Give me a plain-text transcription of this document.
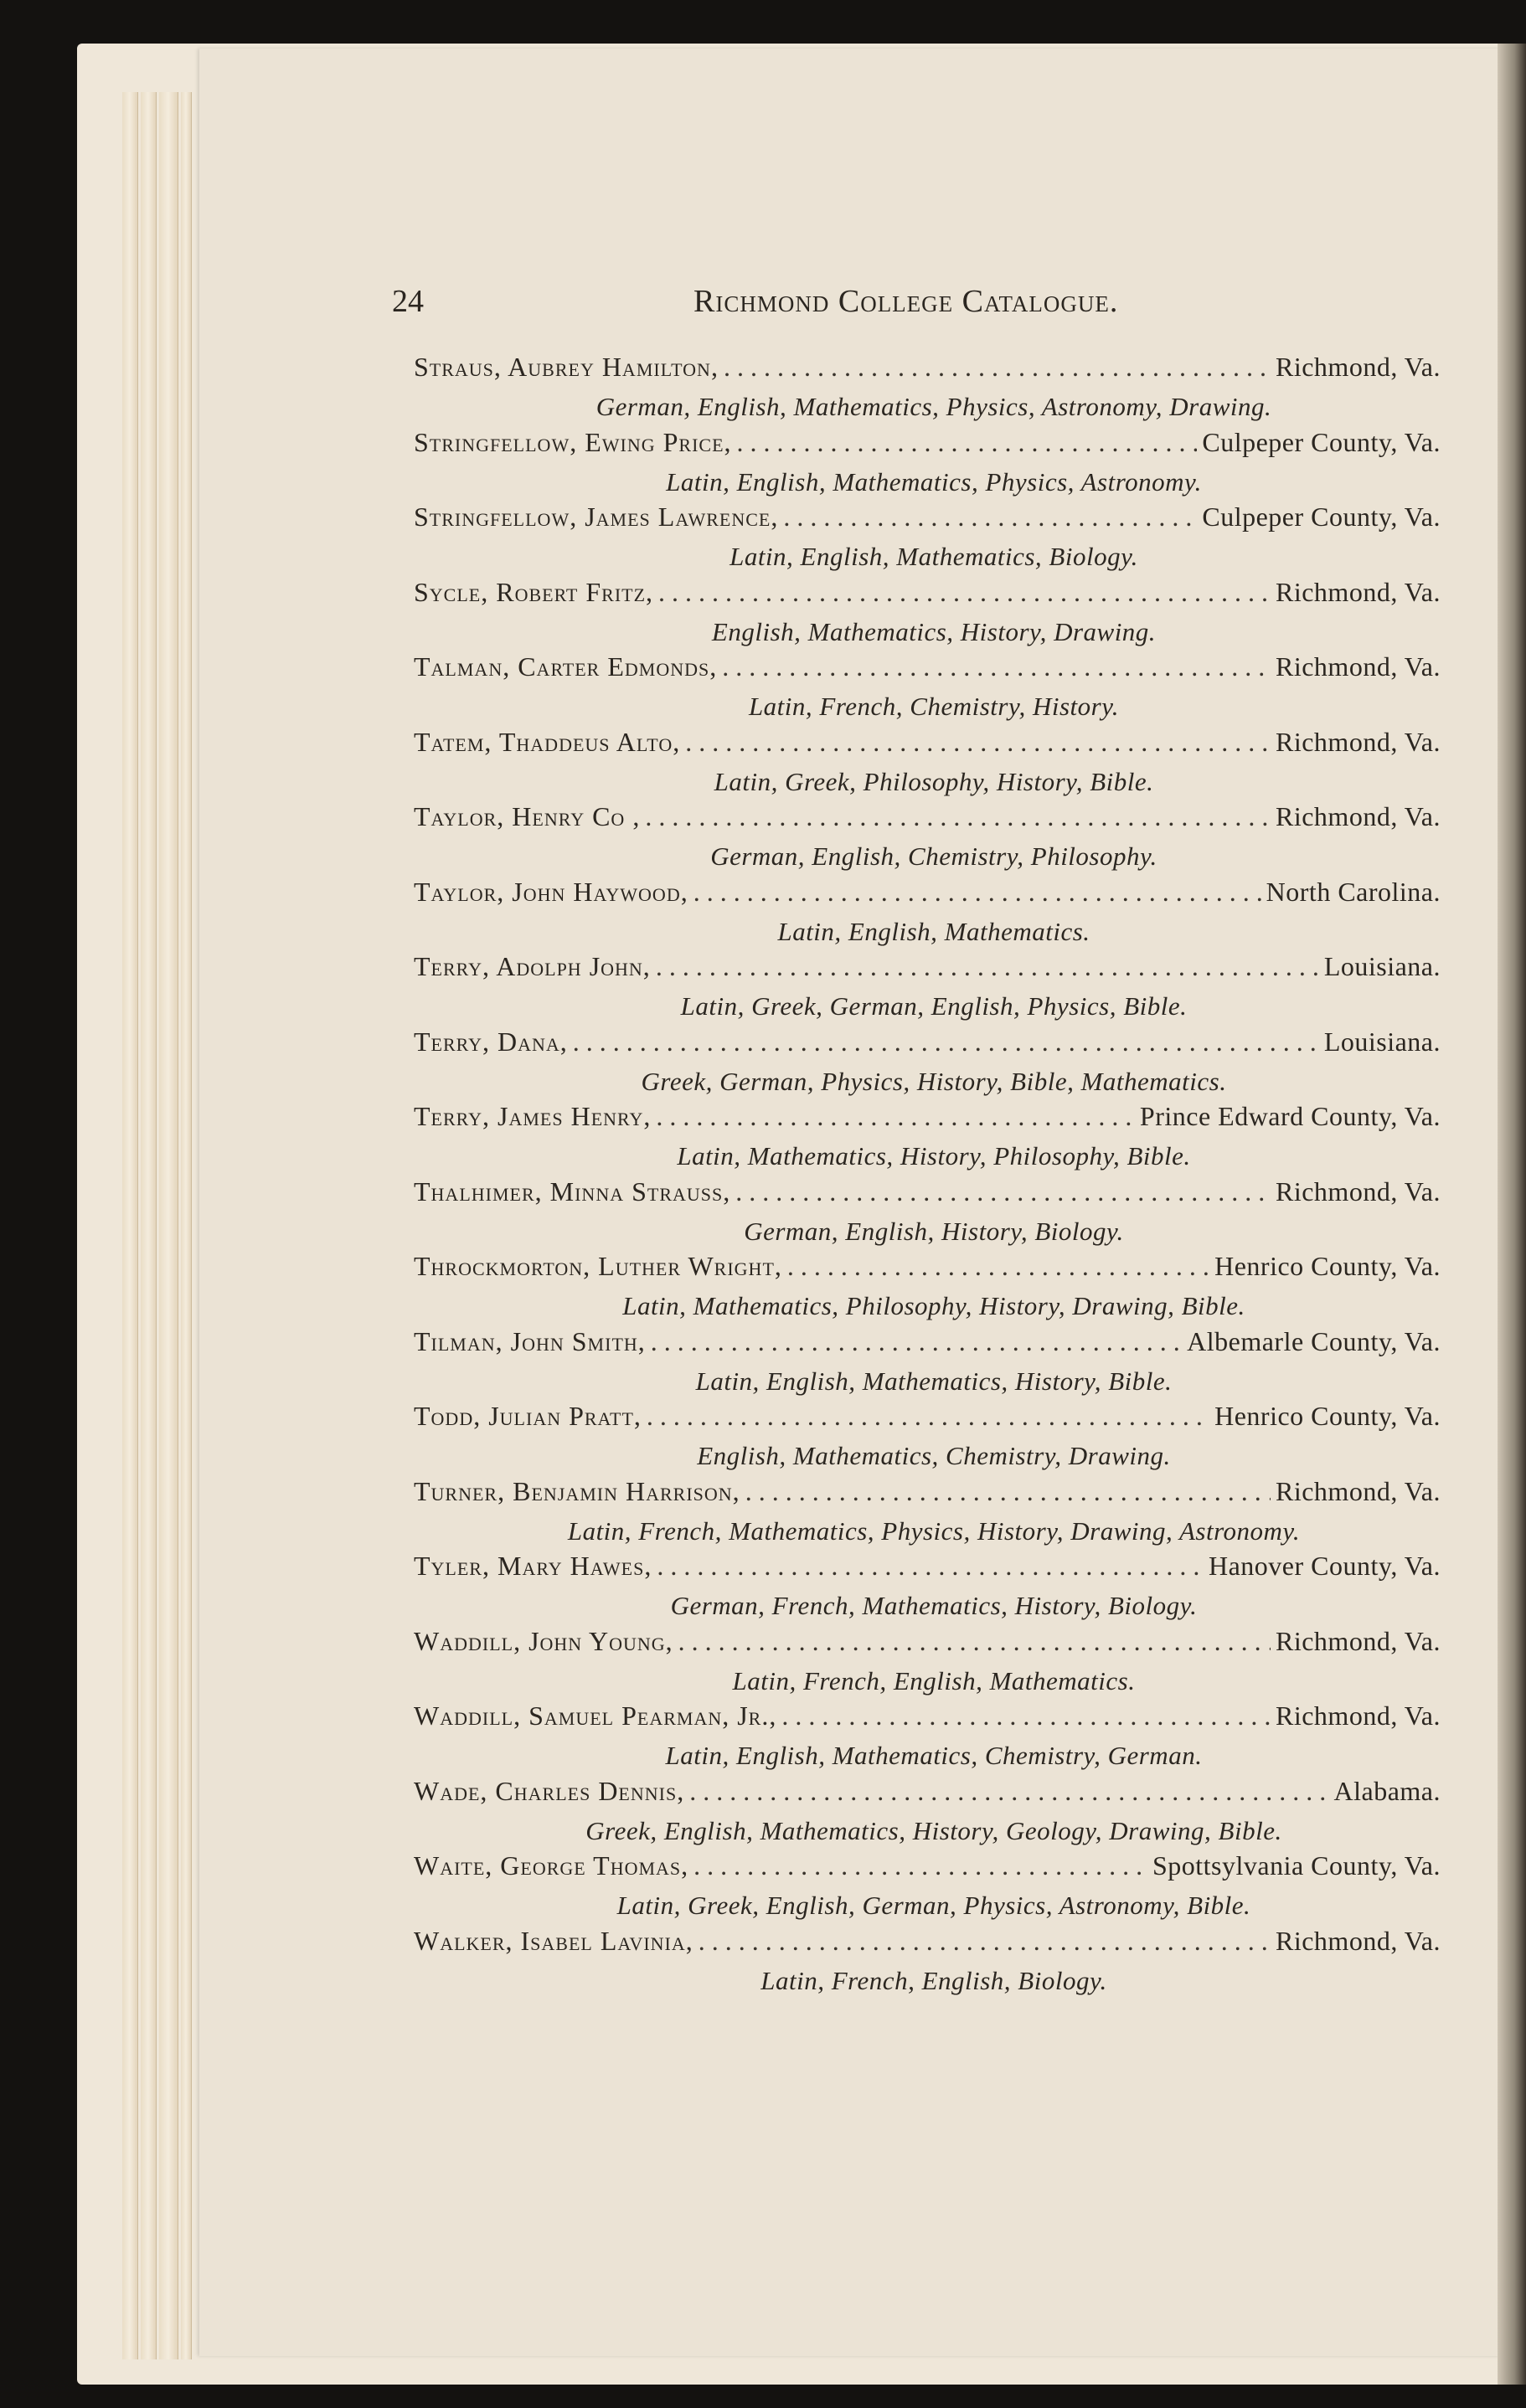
24	Richmond College Catalogue.
Straus, Aubrey Hamilton, . . .	Richmond, Va.
German, English, Mathematics, Physics, Astronomy, Drawing.
Stringfellow, Ewing Price, . . .	Culpeper County, Va.
Latin, English, Mathematics, Physics, Astronomy.
Stringfellow, James Lawrence, . . .	Culpeper County, Va.
Latin, English, Mathematics, Biology.
Sycle, Robert Fritz, . . .	Richmond, Va.
English, Mathematics, History, Drawing.
Talman, Carter Edmonds, . . .	Richmond, Va.
Latin, French, Chemistry, History.
Tatem, Thaddeus Alto, . . .	Richmond, Va.
Latin, Greek, Philosophy, History, Bible.
Taylor, Henry Co , . . .	Richmond, Va.
German, English, Chemistry, Philosophy.
Taylor, John Haywood, . . .	North Carolina.
Latin, English, Mathematics.
Terry, Adolph John, . . .	Louisiana.
Latin, Greek, German, English, Physics, Bible.
Terry, Dana, . . .	Louisiana.
Greek, German, Physics, History, Bible, Mathematics.
Terry, James Henry, . . .	Prince Edward County, Va.
Latin, Mathematics, History, Philosophy, Bible.
Thalhimer, Minna Strauss, . . .	Richmond, Va.
German, English, History, Biology.
Throckmorton, Luther Wright, . . .	Henrico County, Va.
Latin, Mathematics, Philosophy, History, Drawing, Bible.
Tilman, John Smith, . . .	Albemarle County, Va.
Latin, English, Mathematics, History, Bible.
Todd, Julian Pratt, . . .	Henrico County, Va.
English, Mathematics, Chemistry, Drawing.
Turner, Benjamin Harrison, . . .	Richmond, Va.
Latin, French, Mathematics, Physics, History, Drawing, Astronomy.
Tyler, Mary Hawes, . . .	Hanover County, Va.
German, French, Mathematics, History, Biology.
Waddill, John Young, . . .	Richmond, Va.
Latin, French, English, Mathematics.
Waddill, Samuel Pearman, Jr., . . .	Richmond, Va.
Latin, English, Mathematics, Chemistry, German.
Wade, Charles Dennis, . . .	Alabama.
Greek, English, Mathematics, History, Geology, Drawing, Bible.
Waite, George Thomas, . . .	Spottsylvania County, Va.
Latin, Greek, English, German, Physics, Astronomy, Bible.
Walker, Isabel Lavinia, . . .	Richmond, Va.
Latin, French, English, Biology.
